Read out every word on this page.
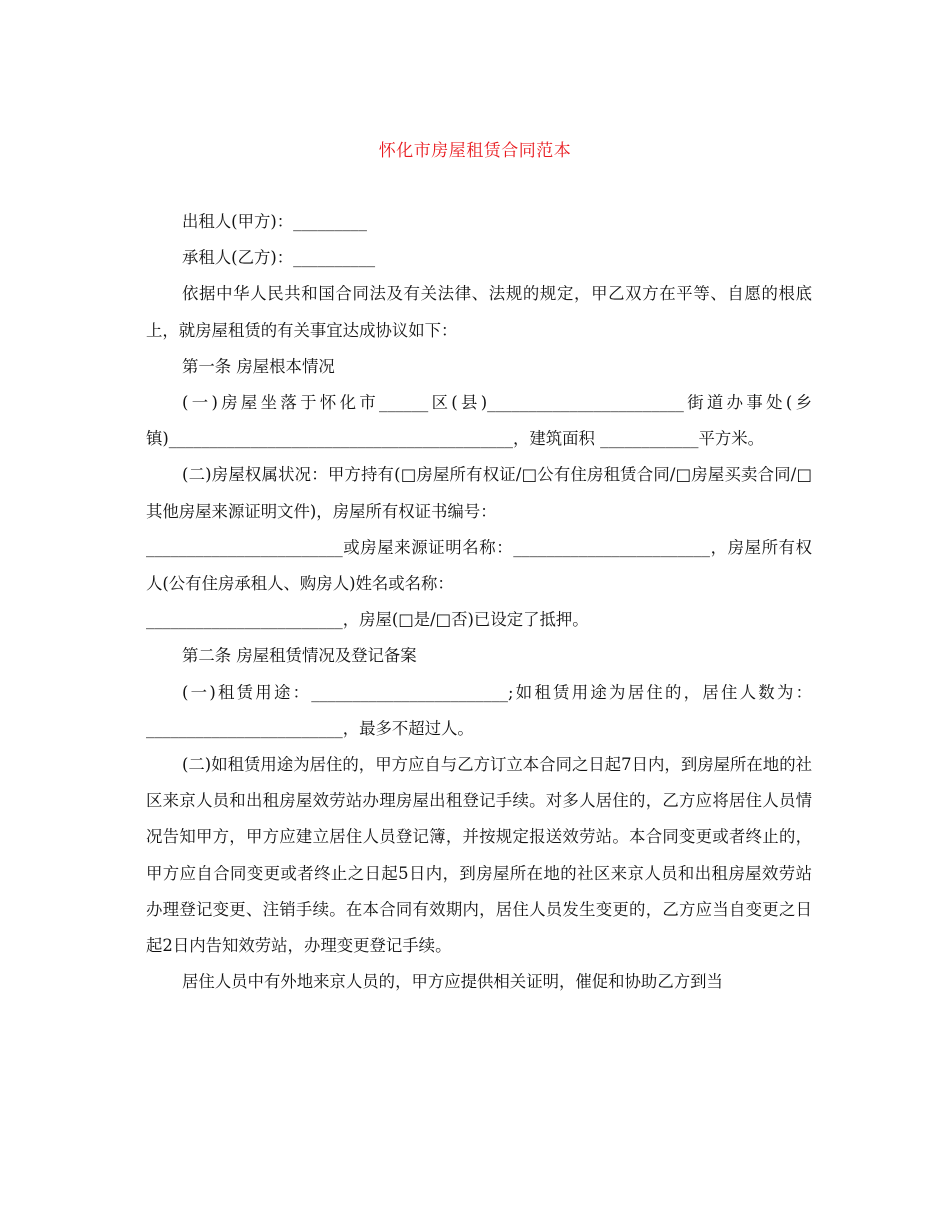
怀化市房屋租赁合同范本

出租人(甲方)：_________

承租人(乙方)：__________

依据中华人民共和国合同法及有关法律、法规的规定，甲乙双方在平等、自愿的根底上，就房屋租赁的有关事宜达成协议如下：

第一条 房屋根本情况

(一)房屋坐落于怀化市______区(县)________________________街道办事处(乡镇)__________________________________________，建筑面积 ____________平方米。

(二)房屋权属状况：甲方持有(□房屋所有权证/□公有住房租赁合同/□房屋买卖合同/□其他房屋来源证明文件)，房屋所有权证书编号：

________________________或房屋来源证明名称：________________________，房屋所有权人(公有住房承租人、购房人)姓名或名称：

________________________，房屋(□是/□否)已设定了抵押。

第二条 房屋租赁情况及登记备案

(一)租赁用途：________________________;如租赁用途为居住的，居住人数为：________________________，最多不超过人。

(二)如租赁用途为居住的，甲方应自与乙方订立本合同之日起7日内，到房屋所在地的社区来京人员和出租房屋效劳站办理房屋出租登记手续。对多人居住的，乙方应将居住人员情况告知甲方，甲方应建立居住人员登记簿，并按规定报送效劳站。本合同变更或者终止的，甲方应自合同变更或者终止之日起5日内，到房屋所在地的社区来京人员和出租房屋效劳站办理登记变更、注销手续。在本合同有效期内，居住人员发生变更的，乙方应当自变更之日起2日内告知效劳站，办理变更登记手续。

居住人员中有外地来京人员的，甲方应提供相关证明，催促和协助乙方到当
